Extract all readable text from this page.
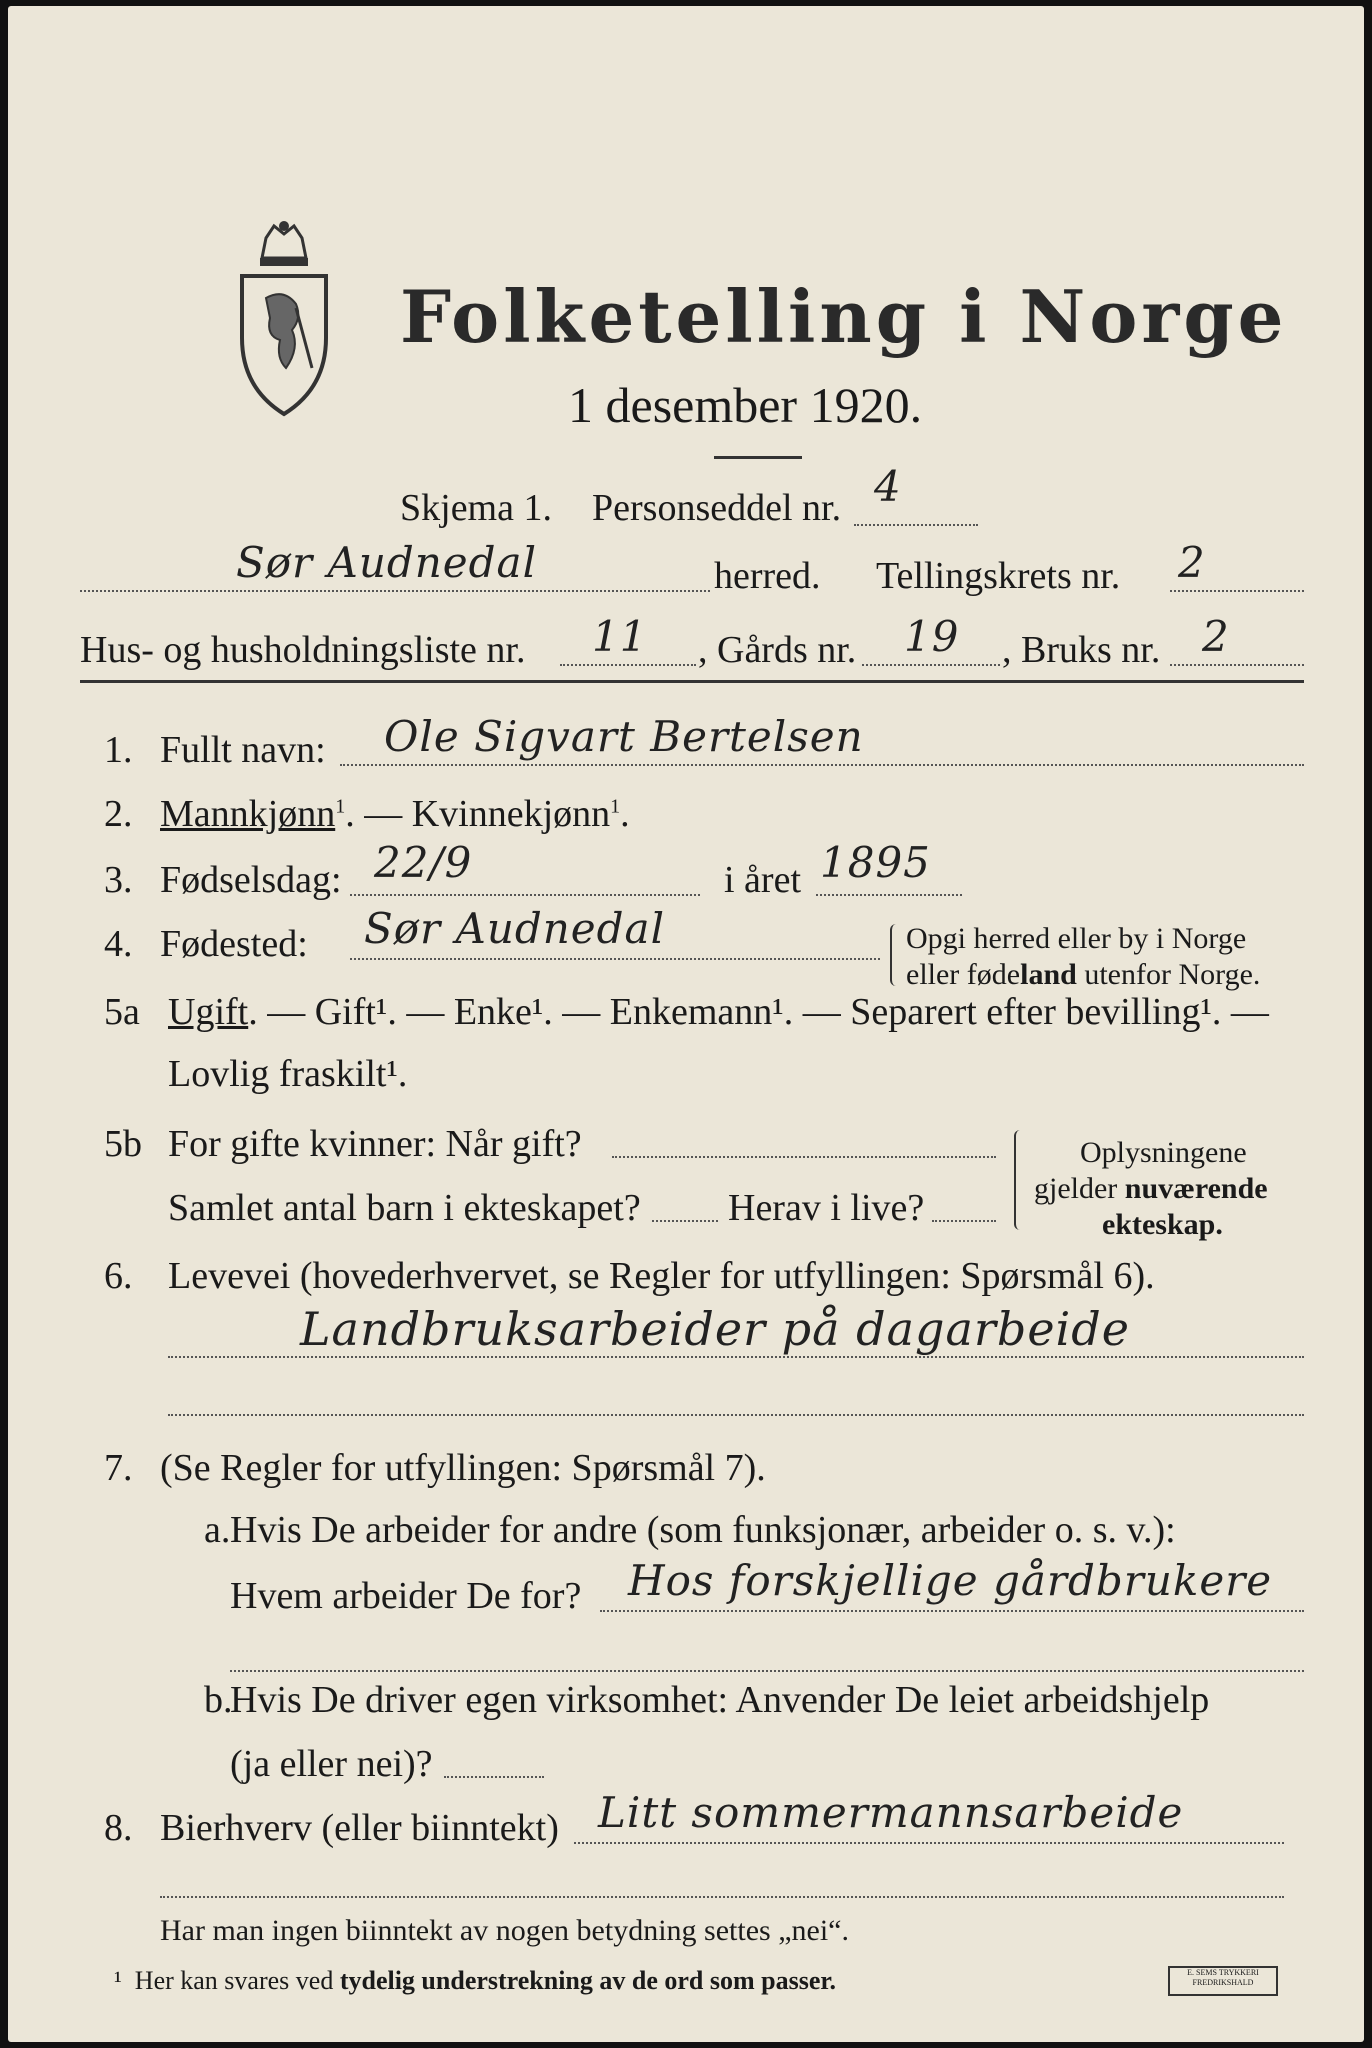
Folketelling i Norge
1 desember 1920.
Skjema 1. Personseddel nr. 4
Sør Audnedal	herred. Tellingskrets nr. 2
Hus- og husholdningsliste nr. 11 , Gårds nr. 19 , Bruks nr. 2
1. Fullt navn: Ole Sigvart Bertelsen
2. Mannkjønn$^1$. — Kvinnekjønn$^1$.
3. Fødselsdag: 22/9	i året 1895
4. Fødested: Sør Audnedal	Opgi herred eller by i Norge
eller fødeland utenfor Norge.
5a Ugift. — Gift¹. — Enke¹. — Enkemann¹. — Separert efter bevilling¹. —
Lovlig fraskilt¹.
5b For gifte kvinner: Når gift?
Samlet antal barn i ekteskapet? Herav i live?
Oplysningene
gjelder nuværende
ekteskap.
6. Levevei (hovederhvervet, se Regler for utfyllingen: Spørsmål 6).
Landbruksarbeider på dagarbeide
7. (Se Regler for utfyllingen: Spørsmål 7).
a. Hvis De arbeider for andre (som funksjonær, arbeider o. s. v.):
Hvem arbeider De for? Hos forskjellige gårdbrukere
b.
Hvis De driver egen virksomhet: Anvender De leiet arbeidshjelp
(ja eller nei)?
8. Bierhverv (eller biinntekt) Litt sommermannsarbeide
Har man ingen biinntekt av nogen betydning settes „nei“.
¹ Her kan svares ved tydelig understrekning av de ord som passer.	E. SEMS TRYKKERI FREDRIKSHALD
